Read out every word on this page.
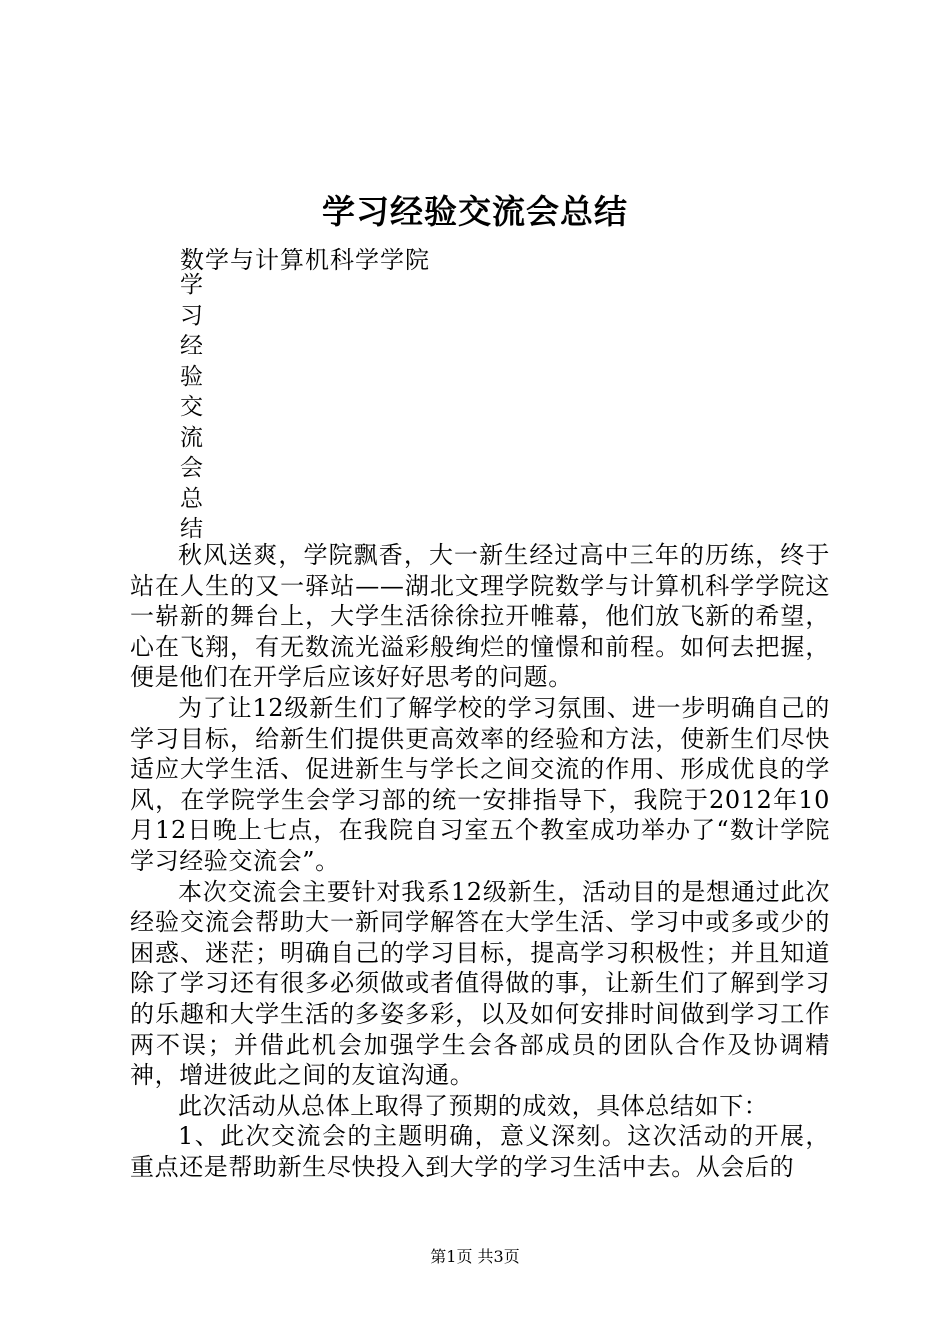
学习经验交流会总结
数学与计算机科学学院
学
习
经
验
交
流
会
总
结

秋风送爽，学院飘香，大一新生经过高中三年的历练，终于站在人生的又一驿站——湖北文理学院数学与计算机科学学院这一崭新的舞台上，大学生活徐徐拉开帷幕，他们放飞新的希望，心在飞翔，有无数流光溢彩般绚烂的憧憬和前程。如何去把握，便是他们在开学后应该好好思考的问题。

为了让12级新生们了解学校的学习氛围、进一步明确自己的学习目标，给新生们提供更高效率的经验和方法，使新生们尽快适应大学生活、促进新生与学长之间交流的作用、形成优良的学风，在学院学生会学习部的统一安排指导下，我院于2012年10月12日晚上七点，在我院自习室五个教室成功举办了“数计学院学习经验交流会”。

本次交流会主要针对我系12级新生，活动目的是想通过此次经验交流会帮助大一新同学解答在大学生活、学习中或多或少的困惑、迷茫；明确自己的学习目标，提高学习积极性；并且知道除了学习还有很多必须做或者值得做的事，让新生们了解到学习的乐趣和大学生活的多姿多彩，以及如何安排时间做到学习工作两不误；并借此机会加强学生会各部成员的团队合作及协调精神，增进彼此之间的友谊沟通。

此次活动从总体上取得了预期的成效，具体总结如下：

1、此次交流会的主题明确，意义深刻。这次活动的开展，重点还是帮助新生尽快投入到大学的学习生活中去。从会后的

第1页 共3页
